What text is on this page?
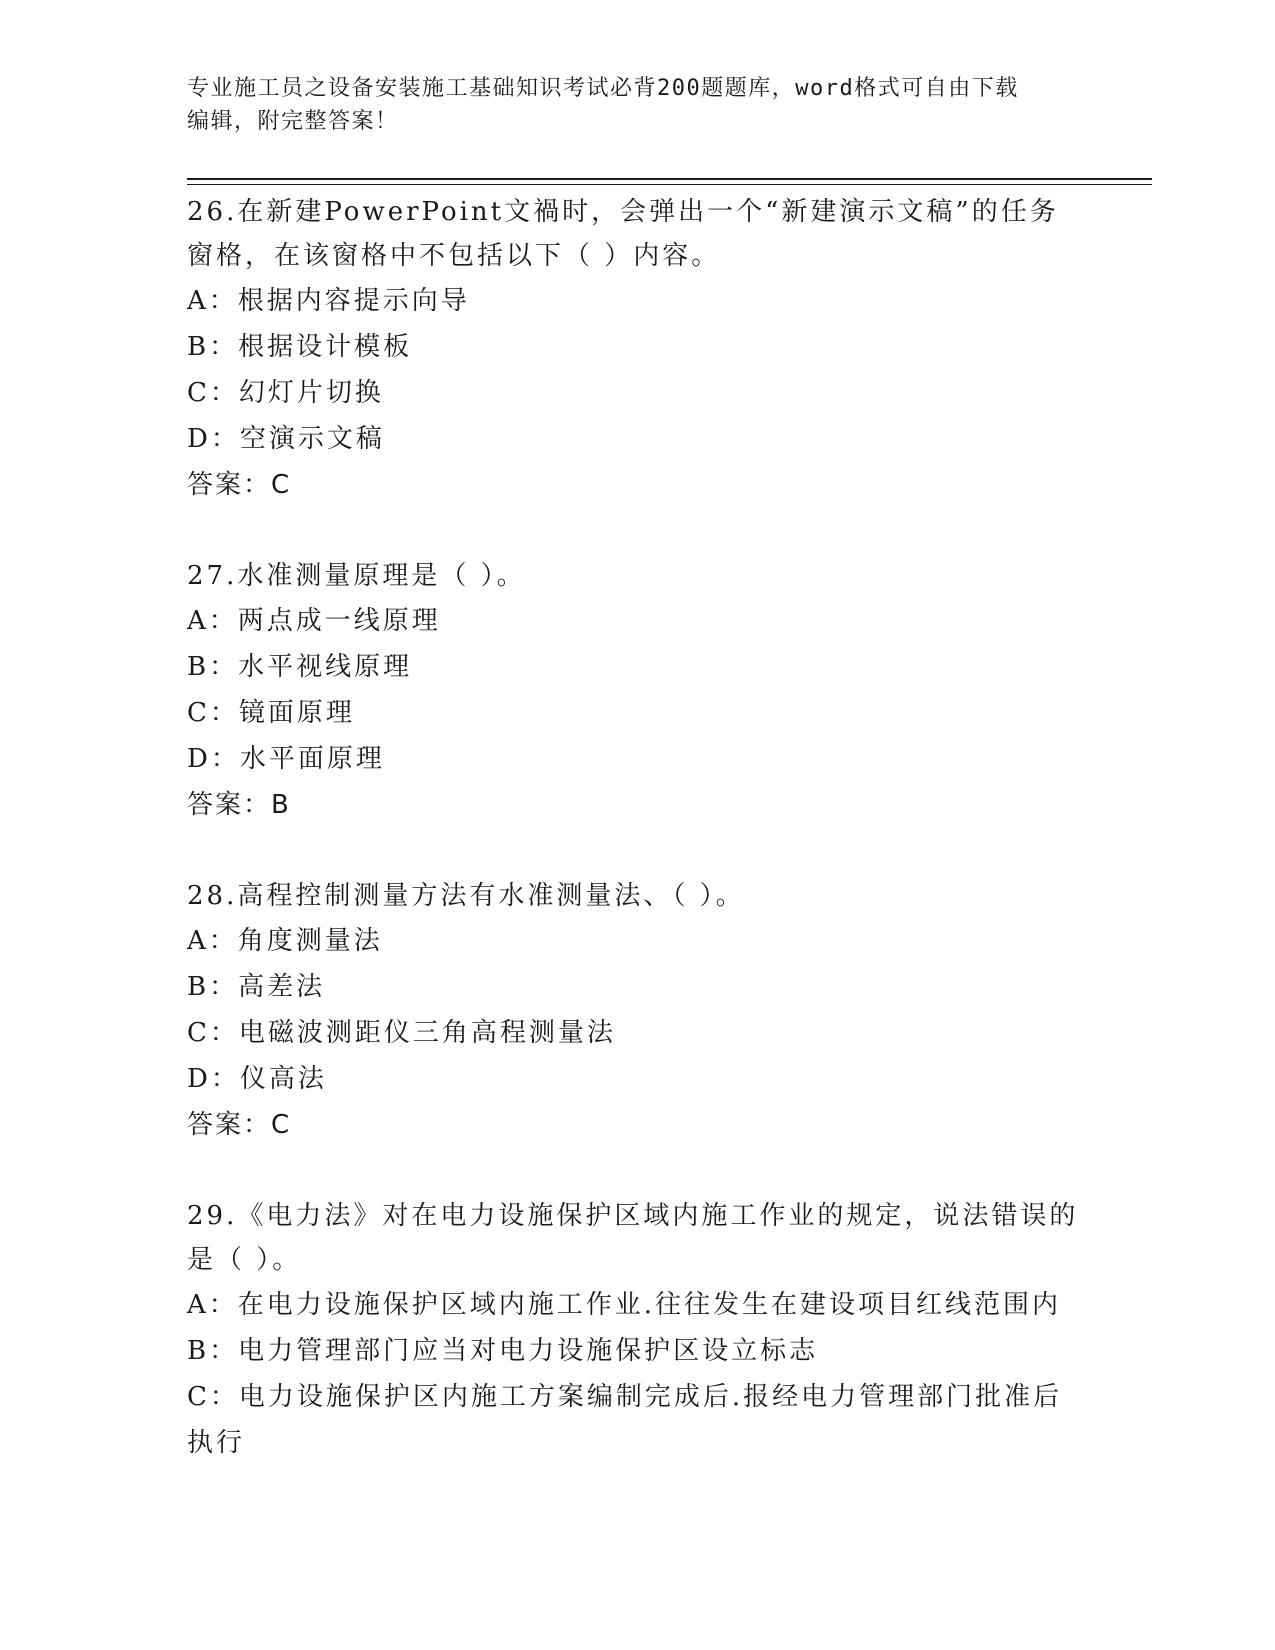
专业施工员之设备安装施工基础知识考试必背200题题库，word格式可自由下载
编辑，附完整答案！
26.在新建PowerPoint文禍时，会弹出一个“新建演示文稿”的任务
窗格，在该窗格中不包括以下（ ）内容。
A：根据内容提示向导
B：根据设计模板
C：幻灯片切换
D：空演示文稿
答案：C
27.水准测量原理是（ ）。
A：两点成一线原理
B：水平视线原理
C：镜面原理
D：水平面原理
答案：B
28.高程控制测量方法有水准测量法、（ ）。
A：角度测量法
B：高差法
C：电磁波测距仪三角高程测量法
D：仪高法
答案：C
29.《电力法》对在电力设施保护区域内施工作业的规定，说法错误的
是（ ）。
A：在电力设施保护区域内施工作业.往往发生在建设项目红线范围内
B：电力管理部门应当对电力设施保护区设立标志
C：电力设施保护区内施工方案编制完成后.报经电力管理部门批准后执行
